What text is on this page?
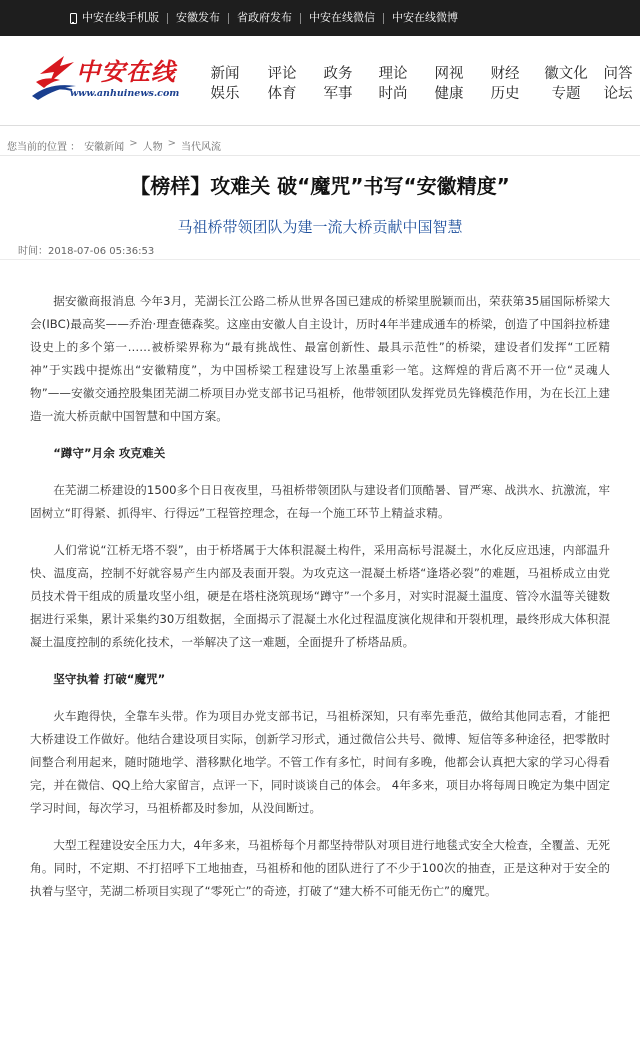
中安在线手机版 安徽发布 省政府发布 中安在线微信 中安在线微博
中安在线
www.anhuinews.com
新闻
娱乐
评论
体育
政务
军事
理论
时尚
网视
健康
财经
历史
徽文化
专题
问答
论坛
您当前的位置 ： 安徽新闻 > 人物 > 当代风流
【榜样】攻难关 破“魔咒”书写“安徽精度”
马祖桥带领团队为建一流大桥贡献中国智慧
时间：2018-07-06 05:36:53

据安徽商报消息 今年3月，芜湖长江公路二桥从世界各国已建成的桥梁里脱颖而出，荣获第35届国际桥梁大会(IBC)最高奖——乔治·理查德森奖。这座由安徽人自主设计，历时4年半建成通车的桥梁，创造了中国斜拉桥建设史上的多个第一……被桥梁界称为“最有挑战性、最富创新性、最具示范性”的桥梁，建设者们发挥“工匠精神”于实践中提炼出“安徽精度”，为中国桥梁工程建设写上浓墨重彩一笔。这辉煌的背后离不开一位“灵魂人物”——安徽交通控股集团芜湖二桥项目办党支部书记马祖桥，他带领团队发挥党员先锋模范作用，为在长江上建造一流大桥贡献中国智慧和中国方案。

“蹲守”月余 攻克难关

在芜湖二桥建设的1500多个日日夜夜里，马祖桥带领团队与建设者们顶酷暑、冒严寒、战洪水、抗激流，牢固树立“盯得紧、抓得牢、行得远”工程管控理念，在每一个施工环节上精益求精。

人们常说“江桥无塔不裂”，由于桥塔属于大体积混凝土构件，采用高标号混凝土，水化反应迅速，内部温升快、温度高，控制不好就容易产生内部及表面开裂。为攻克这一混凝土桥塔“逢塔必裂”的难题，马祖桥成立由党员技术骨干组成的质量攻坚小组，硬是在塔柱浇筑现场“蹲守”一个多月，对实时混凝土温度、管冷水温等关键数据进行采集，累计采集约30万组数据，全面揭示了混凝土水化过程温度演化规律和开裂机理，最终形成大体积混凝土温度控制的系统化技术，一举解决了这一难题，全面提升了桥塔品质。

坚守执着 打破“魔咒”

火车跑得快，全靠车头带。作为项目办党支部书记，马祖桥深知，只有率先垂范，做给其他同志看，才能把大桥建设工作做好。他结合建设项目实际，创新学习形式，通过微信公共号、微博、短信等多种途径，把零散时间整合利用起来，随时随地学、潜移默化地学。不管工作有多忙，时间有多晚，他都会认真把大家的学习心得看完，并在微信、QQ上给大家留言，点评一下，同时谈谈自己的体会。 4年多来，项目办将每周日晚定为集中固定学习时间，每次学习，马祖桥都及时参加，从没间断过。

大型工程建设安全压力大，4年多来，马祖桥每个月都坚持带队对项目进行地毯式安全大检查，全覆盖、无死角。同时，不定期、不打招呼下工地抽查，马祖桥和他的团队进行了不少于100次的抽查，正是这种对于安全的执着与坚守，芜湖二桥项目实现了“零死亡”的奇迹，打破了“建大桥不可能无伤亡”的魔咒。
